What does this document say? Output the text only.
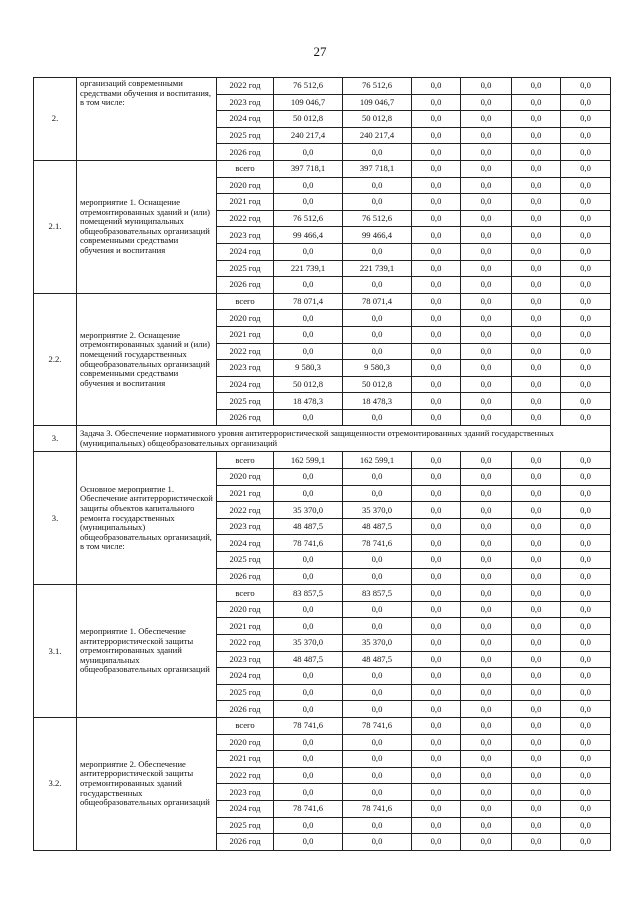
27
2.	организаций современными средствами обучения и воспитания, в том числе:	2022 год	76 512,6	76 512,6	0,0	0,0	0,0	0,0
		2023 год	109 046,7	109 046,7	0,0	0,0	0,0	0,0
		2024 год	50 012,8	50 012,8	0,0	0,0	0,0	0,0
		2025 год	240 217,4	240 217,4	0,0	0,0	0,0	0,0
		2026 год	0,0	0,0	0,0	0,0	0,0	0,0
2.1.	мероприятие 1. Оснащение отремонтированных зданий и (или) помещений муниципальных общеобразовательных организаций современными средствами обучения и воспитания	всего	397 718,1	397 718,1	0,0	0,0	0,0	0,0
		2020 год	0,0	0,0	0,0	0,0	0,0	0,0
		2021 год	0,0	0,0	0,0	0,0	0,0	0,0
		2022 год	76 512,6	76 512,6	0,0	0,0	0,0	0,0
		2023 год	99 466,4	99 466,4	0,0	0,0	0,0	0,0
		2024 год	0,0	0,0	0,0	0,0	0,0	0,0
		2025 год	221 739,1	221 739,1	0,0	0,0	0,0	0,0
		2026 год	0,0	0,0	0,0	0,0	0,0	0,0
2.2.	мероприятие 2. Оснащение отремонтированных зданий и (или) помещений государственных общеобразовательных организаций современными средствами обучения и воспитания	всего	78 071,4	78 071,4	0,0	0,0	0,0	0,0
		2020 год	0,0	0,0	0,0	0,0	0,0	0,0
		2021 год	0,0	0,0	0,0	0,0	0,0	0,0
		2022 год	0,0	0,0	0,0	0,0	0,0	0,0
		2023 год	9 580,3	9 580,3	0,0	0,0	0,0	0,0
		2024 год	50 012,8	50 012,8	0,0	0,0	0,0	0,0
		2025 год	18 478,3	18 478,3	0,0	0,0	0,0	0,0
		2026 год	0,0	0,0	0,0	0,0	0,0	0,0
3.	Задача 3. Обеспечение нормативного уровня антитеррористической защищенности отремонтированных зданий государственных (муниципальных) общеобразовательных организаций							
3.	Основное мероприятие 1. Обеспечение антитеррористической защиты объектов капитального ремонта государственных (муниципальных) общеобразовательных организаций, в том числе:	всего	162 599,1	162 599,1	0,0	0,0	0,0	0,0
		2020 год	0,0	0,0	0,0	0,0	0,0	0,0
		2021 год	0,0	0,0	0,0	0,0	0,0	0,0
		2022 год	35 370,0	35 370,0	0,0	0,0	0,0	0,0
		2023 год	48 487,5	48 487,5	0,0	0,0	0,0	0,0
		2024 год	78 741,6	78 741,6	0,0	0,0	0,0	0,0
		2025 год	0,0	0,0	0,0	0,0	0,0	0,0
		2026 год	0,0	0,0	0,0	0,0	0,0	0,0
3.1.	мероприятие 1. Обеспечение антитеррористической защиты отремонтированных зданий муниципальных общеобразовательных организаций	всего	83 857,5	83 857,5	0,0	0,0	0,0	0,0
		2020 год	0,0	0,0	0,0	0,0	0,0	0,0
		2021 год	0,0	0,0	0,0	0,0	0,0	0,0
		2022 год	35 370,0	35 370,0	0,0	0,0	0,0	0,0
		2023 год	48 487,5	48 487,5	0,0	0,0	0,0	0,0
		2024 год	0,0	0,0	0,0	0,0	0,0	0,0
		2025 год	0,0	0,0	0,0	0,0	0,0	0,0
		2026 год	0,0	0,0	0,0	0,0	0,0	0,0
3.2.	мероприятие 2. Обеспечение антитеррористической защиты отремонтированных зданий государственных общеобразовательных организаций	всего	78 741,6	78 741,6	0,0	0,0	0,0	0,0
		2020 год	0,0	0,0	0,0	0,0	0,0	0,0
		2021 год	0,0	0,0	0,0	0,0	0,0	0,0
		2022 год	0,0	0,0	0,0	0,0	0,0	0,0
		2023 год	0,0	0,0	0,0	0,0	0,0	0,0
		2024 год	78 741,6	78 741,6	0,0	0,0	0,0	0,0
		2025 год	0,0	0,0	0,0	0,0	0,0	0,0
		2026 год	0,0	0,0	0,0	0,0	0,0	0,0
